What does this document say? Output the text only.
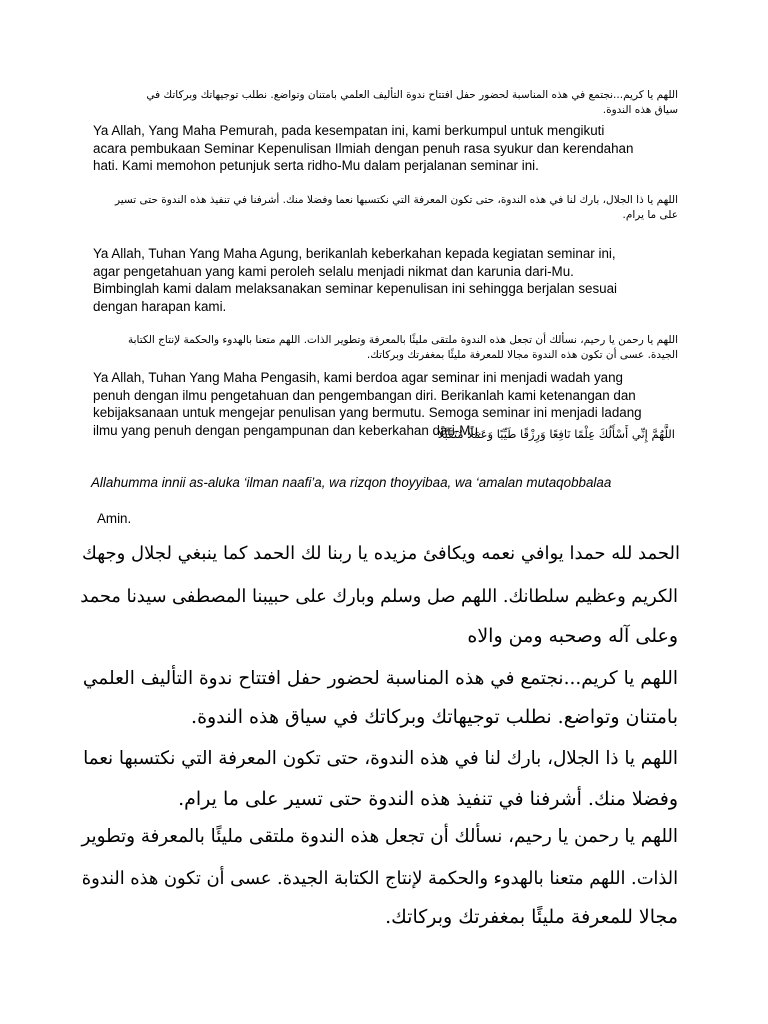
اللهم يا كريم...نجتمع في هذه المناسبة لحضور حفل افتتاح ندوة التأليف العلمي بامتنان وتواضع. نطلب توجيهاتك وبركاتك في
سياق هذه الندوة.
Ya Allah, Yang Maha Pemurah, pada kesempatan ini, kami berkumpul untuk mengikuti
acara pembukaan Seminar Kepenulisan Ilmiah dengan penuh rasa syukur dan kerendahan
hati. Kami memohon petunjuk serta ridho-Mu dalam perjalanan seminar ini.
اللهم يا ذا الجلال، بارك لنا في هذه الندوة، حتى تكون المعرفة التي نكتسبها نعما وفضلا منك. أشرفنا في تنفيذ هذه الندوة حتى تسير
على ما يرام.
Ya Allah, Tuhan Yang Maha Agung, berikanlah keberkahan kepada kegiatan seminar ini,
agar pengetahuan yang kami peroleh selalu menjadi nikmat dan karunia dari-Mu.
Bimbinglah kami dalam melaksanakan seminar kepenulisan ini sehingga berjalan sesuai
dengan harapan kami.
اللهم يا رحمن يا رحيم، نسألك أن تجعل هذه الندوة ملتقى مليئًا بالمعرفة وتطوير الذات. اللهم متعنا بالهدوء والحكمة لإنتاج الكتابة
الجيدة. عسى أن تكون هذه الندوة مجالا للمعرفة مليئًا بمغفرتك وبركاتك.
Ya Allah, Tuhan Yang Maha Pengasih, kami berdoa agar seminar ini menjadi wadah yang
penuh dengan ilmu pengetahuan dan pengembangan diri. Berikanlah kami ketenangan dan
kebijaksanaan untuk mengejar penulisan yang bermutu. Semoga seminar ini menjadi ladang
ilmu yang penuh dengan pengampunan dan keberkahan dari-Mu.
اللَّهُمَّ إِنِّي أَسْأَلُكَ عِلْمًا نَافِعًا وَرِزْقًا طَيِّبًا وَعَمَلًا مُتَقَبَّلًا
Allahumma innii as-aluka ‘ilman naafi’a, wa rizqon thoyyibaa, wa ‘amalan mutaqobbalaa
Amin.
الحمد لله حمدا يوافي نعمه ويكافئ مزيده يا ربنا لك الحمد كما ينبغي لجلال وجهك
الكريم وعظيم سلطانك. اللهم صل وسلم وبارك على حبيبنا المصطفى سيدنا محمد
وعلى آله وصحبه ومن والاه
اللهم يا كريم...نجتمع في هذه المناسبة لحضور حفل افتتاح ندوة التأليف العلمي
بامتنان وتواضع. نطلب توجيهاتك وبركاتك في سياق هذه الندوة.
اللهم يا ذا الجلال، بارك لنا في هذه الندوة، حتى تكون المعرفة التي نكتسبها نعما
وفضلا منك. أشرفنا في تنفيذ هذه الندوة حتى تسير على ما يرام.
اللهم يا رحمن يا رحيم، نسألك أن تجعل هذه الندوة ملتقى مليئًا بالمعرفة وتطوير
الذات. اللهم متعنا بالهدوء والحكمة لإنتاج الكتابة الجيدة. عسى أن تكون هذه الندوة
مجالا للمعرفة مليئًا بمغفرتك وبركاتك.
